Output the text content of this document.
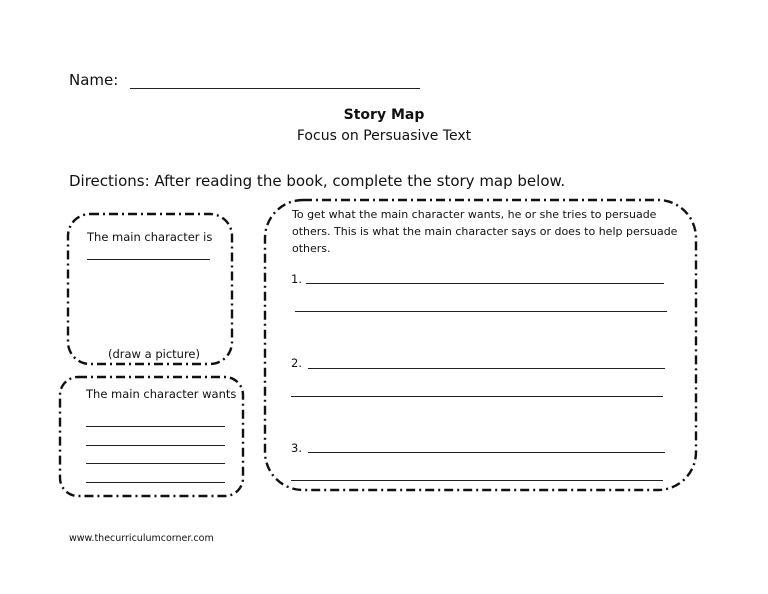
Name:
Story Map
Focus on Persuasive Text
Directions: After reading the book, complete the story map below.
The main character is
(draw a picture)
The main character wants
To get what the main character wants, he or she tries to persuade others. This is what the main character says or does to help persuade others.
1.
2.
3.
www.thecurriculumcorner.com
